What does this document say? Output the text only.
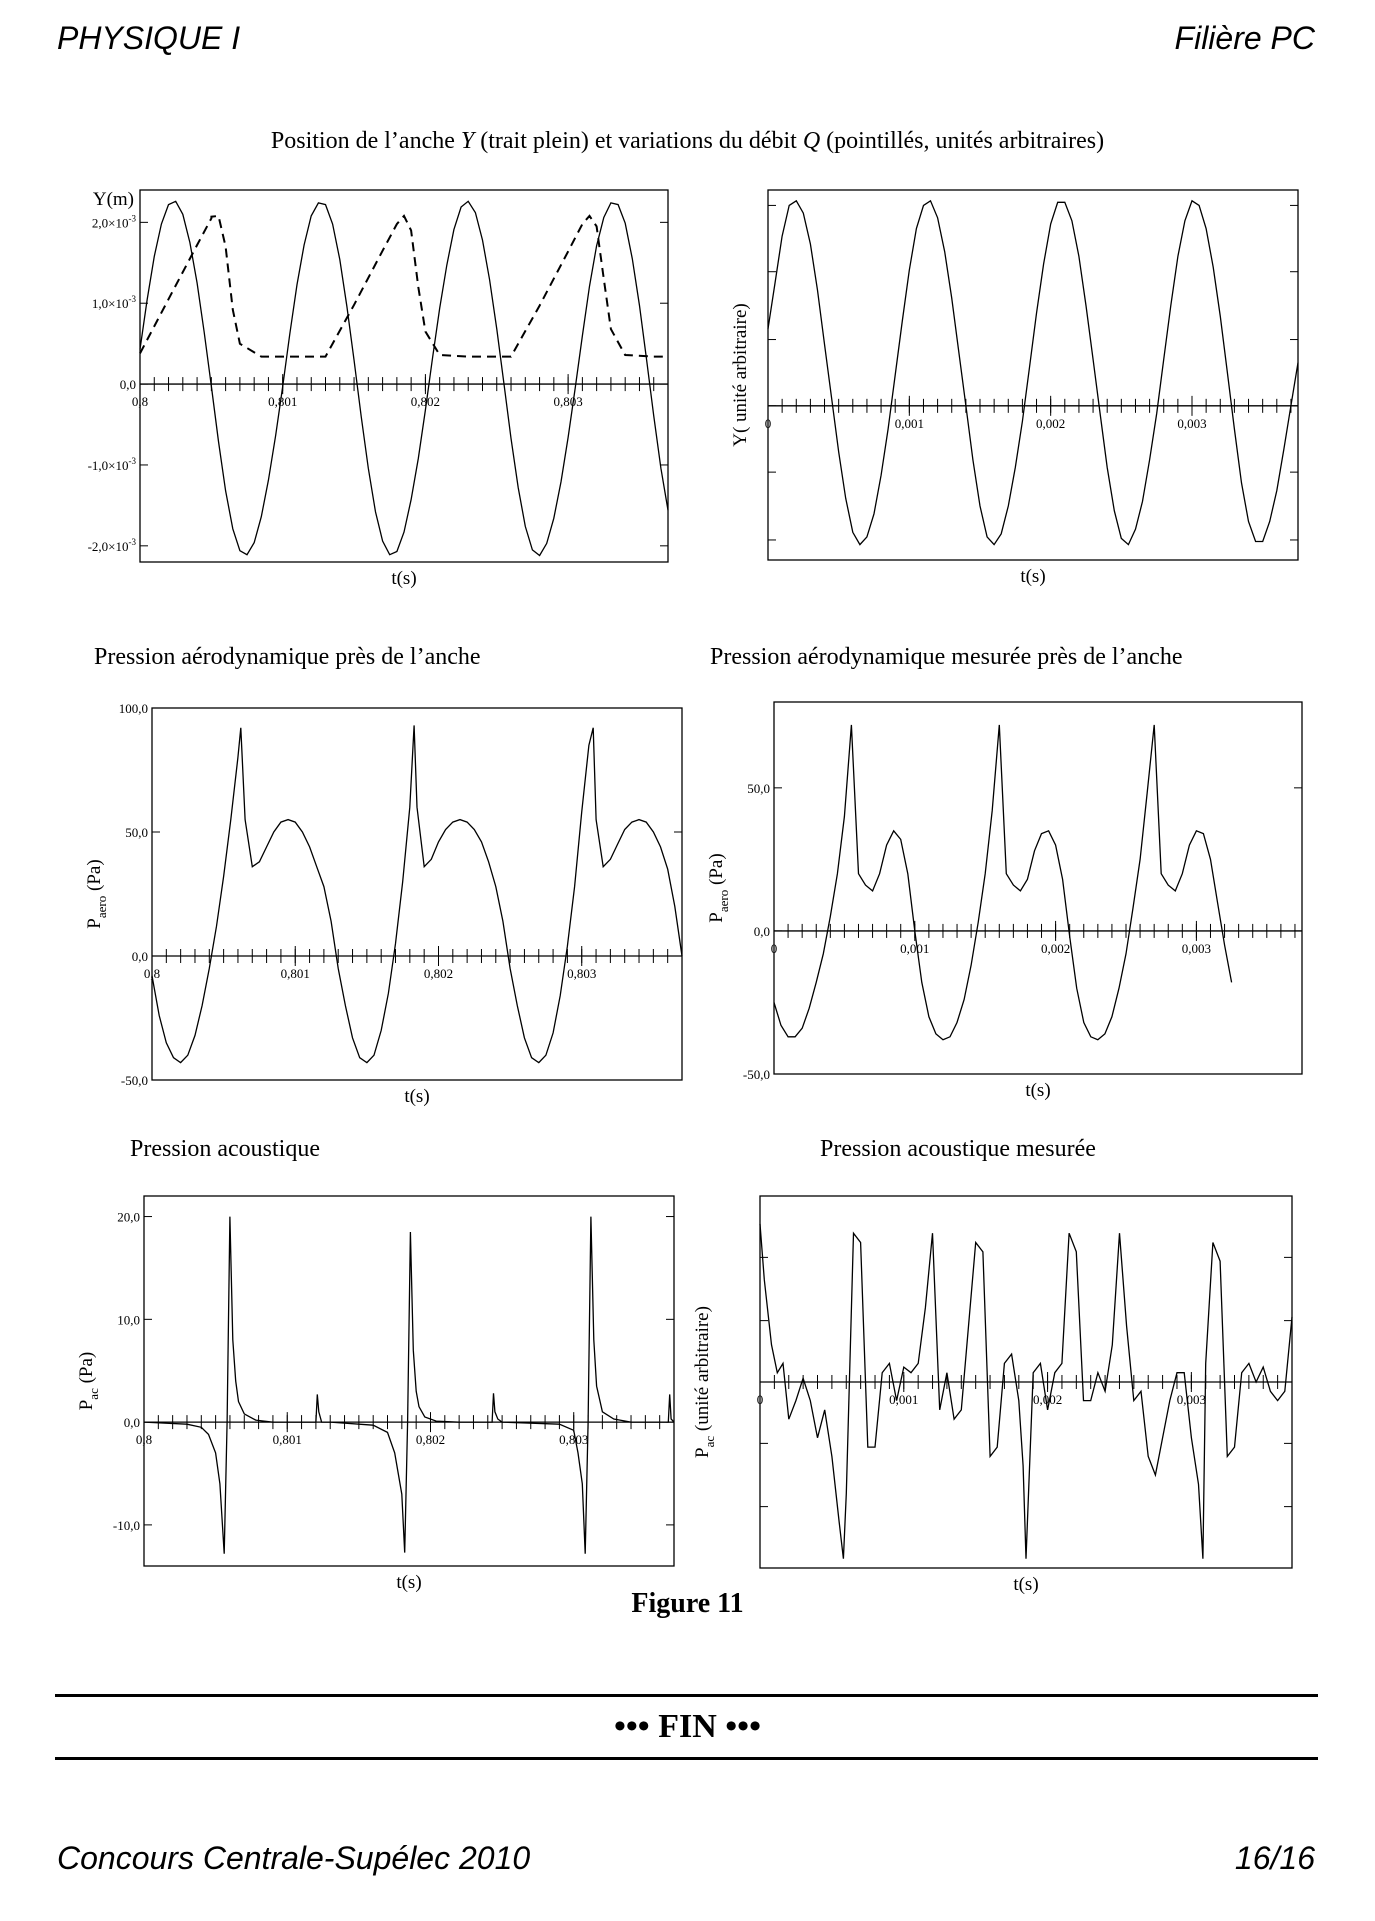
PHYSIQUE I	Filière PC
Position de l’anche Y (trait plein) et variations du débit Q (pointillés, unités arbitraires)
Pression aérodynamique près de l’anche	Pression aérodynamique mesurée près de l’anche
Pression acoustique	Pression acoustique mesurée
0,8	0,801	0,802	0,803
$2,0\times 10^{-3}$
$1,0\times 10^{-3}$
0,0
$-1,0\times 10^{-3}$
$-2,0\times 10^{-3}$
t(s)
Y(m)
0	0,001	0,002	0,003
t(s)
Y( unité arbitraire)
0,8	0,801	0,802	0,803
100,0
50,0
0,0
-50,0
t(s)
$P_{aero}$ (Pa)
0	0,001	0,002	0,003
50,0
0,0
-50,0
t(s)
$P_{aero}$ (Pa)
0,8	0,801	0,802	0,803
20,0
10,0
0,0
-10,0
t(s)
$P_{ac}$ (Pa)
0	0,001	0,002	0,003
t(s)
$P_{ac}$ (unité arbitraire)
Figure 11
••• FIN •••
Concours Centrale-Supélec 2010	16/16
